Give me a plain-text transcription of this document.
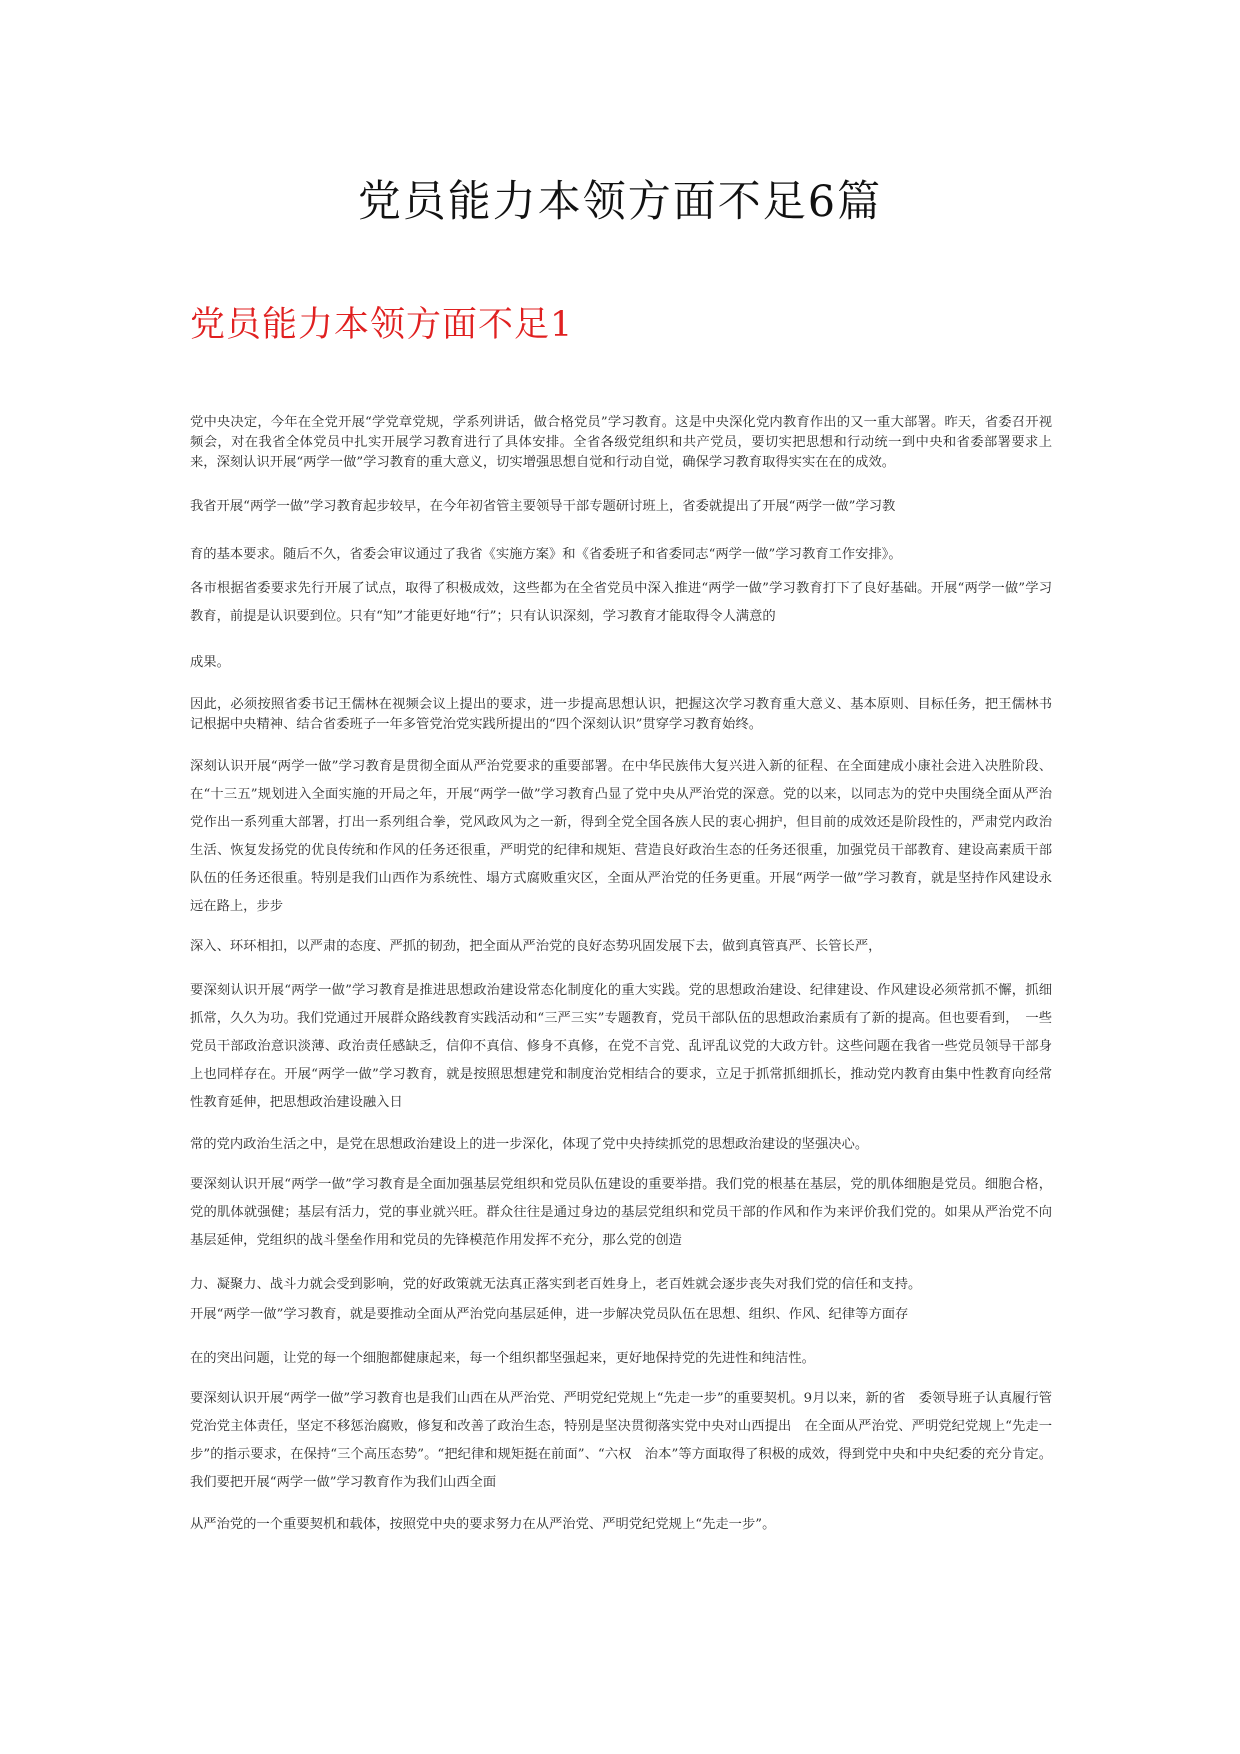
党员能力本领方面不足6篇
党员能力本领方面不足1

党中央决定，今年在全党开展“学党章党规，学系列讲话，做合格党员”学习教育。这是中央深化党内教育作出的又一重大部署。昨天，省委召开视频会，对在我省全体党员中扎实开展学习教育进行了具体安排。全省各级党组织和共产党员，要切实把思想和行动统一到中央和省委部署要求上来，深刻认识开展“两学一做”学习教育的重大意义，切实增强思想自觉和行动自觉，确保学习教育取得实实在在的成效。

我省开展“两学一做”学习教育起步较早，在今年初省管主要领导干部专题研讨班上，省委就提出了开展“两学一做”学习教

育的基本要求。随后不久，省委会审议通过了我省《实施方案》和《省委班子和省委同志“两学一做”学习教育工作安排》。

各市根据省委要求先行开展了试点，取得了积极成效，这些都为在全省党员中深入推进“两学一做”学习教育打下了良好基础。开展“两学一做”学习教育，前提是认识要到位。只有“知”才能更好地“行”；只有认识深刻，学习教育才能取得令人满意的

成果。

因此，必须按照省委书记王儒林在视频会议上提出的要求，进一步提高思想认识，把握这次学习教育重大意义、基本原则、目标任务，把王儒林书记根据中央精神、结合省委班子一年多管党治党实践所提出的“四个深刻认识”贯穿学习教育始终。

深刻认识开展“两学一做”学习教育是贯彻全面从严治党要求的重要部署。在中华民族伟大复兴进入新的征程、在全面建成小康社会进入决胜阶段、在“十三五”规划进入全面实施的开局之年，开展“两学一做”学习教育凸显了党中央从严治党的深意。党的以来，以同志为的党中央围绕全面从严治党作出一系列重大部署，打出一系列组合拳，党风政风为之一新，得到全党全国各族人民的衷心拥护，但目前的成效还是阶段性的，严肃党内政治生活、恢复发扬党的优良传统和作风的任务还很重，严明党的纪律和规矩、营造良好政治生态的任务还很重，加强党员干部教育、建设高素质干部队伍的任务还很重。特别是我们山西作为系统性、塌方式腐败重灾区，全面从严治党的任务更重。开展“两学一做”学习教育，就是坚持作风建设永远在路上，步步

深入、环环相扣，以严肃的态度、严抓的韧劲，把全面从严治党的良好态势巩固发展下去，做到真管真严、长管长严，

要深刻认识开展“两学一做”学习教育是推进思想政治建设常态化制度化的重大实践。党的思想政治建设、纪律建设、作风建设必须常抓不懈，抓细抓常，久久为功。我们党通过开展群众路线教育实践活动和“三严三实”专题教育，党员干部队伍的思想政治素质有了新的提高。但也要看到，　一些党员干部政治意识淡薄、政治责任感缺乏，信仰不真信、修身不真修，在党不言党、乱评乱议党的大政方针。这些问题在我省一些党员领导干部身上也同样存在。开展“两学一做”学习教育，就是按照思想建党和制度治党相结合的要求，立足于抓常抓细抓长，推动党内教育由集中性教育向经常性教育延伸，把思想政治建设融入日

常的党内政治生活之中，是党在思想政治建设上的进一步深化，体现了党中央持续抓党的思想政治建设的坚强决心。

要深刻认识开展“两学一做”学习教育是全面加强基层党组织和党员队伍建设的重要举措。我们党的根基在基层，党的肌体细胞是党员。细胞合格，党的肌体就强健；基层有活力，党的事业就兴旺。群众往往是通过身边的基层党组织和党员干部的作风和作为来评价我们党的。如果从严治党不向基层延伸，党组织的战斗堡垒作用和党员的先锋模范作用发挥不充分，那么党的创造

力、凝聚力、战斗力就会受到影响，党的好政策就无法真正落实到老百姓身上，老百姓就会逐步丧失对我们党的信任和支持。

开展“两学一做”学习教育，就是要推动全面从严治党向基层延伸，进一步解决党员队伍在思想、组织、作风、纪律等方面存

在的突出问题，让党的每一个细胞都健康起来，每一个组织都坚强起来，更好地保持党的先进性和纯洁性。

要深刻认识开展“两学一做”学习教育也是我们山西在从严治党、严明党纪党规上“先走一步”的重要契机。9月以来，新的省　委领导班子认真履行管党治党主体责任，坚定不移惩治腐败，修复和改善了政治生态，特别是坚决贯彻落实党中央对山西提出　在全面从严治党、严明党纪党规上“先走一步”的指示要求，在保持“三个高压态势”。“把纪律和规矩挺在前面”、“六权　治本”等方面取得了积极的成效，得到党中央和中央纪委的充分肯定。我们要把开展“两学一做”学习教育作为我们山西全面

从严治党的一个重要契机和载体，按照党中央的要求努力在从严治党、严明党纪党规上“先走一步”。
